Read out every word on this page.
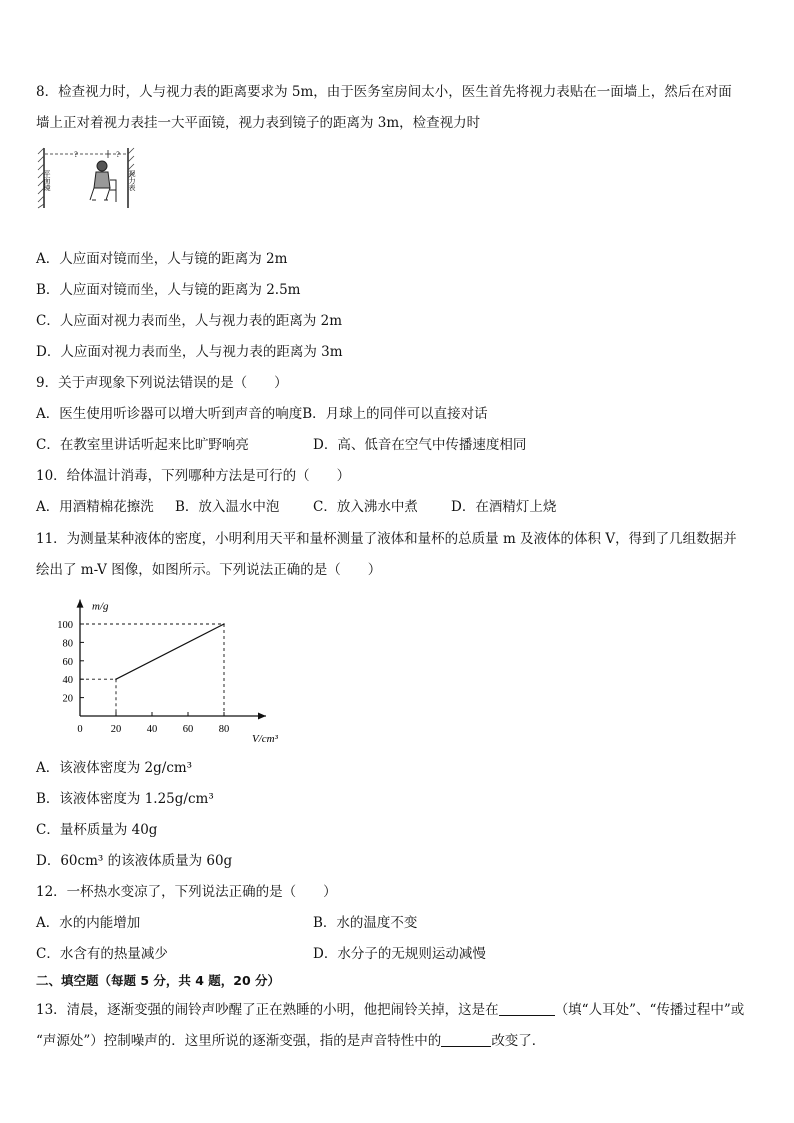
8．检查视力时，人与视力表的距离要求为 5m，由于医务室房间太小，医生首先将视力表贴在一面墙上，然后在对面
墙上正对着视力表挂一大平面镜，视力表到镜子的距离为 3m，检查视力时
?	?
平面镜	视力表
A．人应面对镜而坐，人与镜的距离为 2m
B．人应面对镜而坐，人与镜的距离为 2.5m
C．人应面对视力表而坐，人与视力表的距离为 2m
D．人应面对视力表而坐，人与视力表的距离为 3m
9．关于声现象下列说法错误的是（　　）
A．医生使用听诊器可以增大听到声音的响度B．月球上的同伴可以直接对话
C．在教室里讲话听起来比旷野响亮	D．高、低音在空气中传播速度相同
10．给体温计消毒，下列哪种方法是可行的（　　）
A．用酒精棉花擦洗 B．放入温水中泡 C．放入沸水中煮 D．在酒精灯上烧
11．为测量某种液体的密度，小明利用天平和量杯测量了液体和量杯的总质量 m 及液体的体积 V，得到了几组数据并
绘出了 m-V 图像，如图所示。下列说法正确的是（　　）
0	20 40 60 80
20
40
60
80
100
m/g
V/cm³
A．该液体密度为 2g/cm³
B．该液体密度为 1.25g/cm³
C．量杯质量为 40g
D．60cm³ 的该液体质量为 60g
12．一杯热水变凉了，下列说法正确的是（　　）
A．水的内能增加	B．水的温度不变
C．水含有的热量减少	D．水分子的无规则运动减慢
二、填空题（每题 5 分，共 4 题，20 分）
13．清晨，逐渐变强的闹铃声吵醒了正在熟睡的小明，他把闹铃关掉，这是在	（填“人耳处”、“传播过程中”或
“声源处”）控制噪声的．这里所说的逐渐变强，指的是声音特性中的	改变了．
